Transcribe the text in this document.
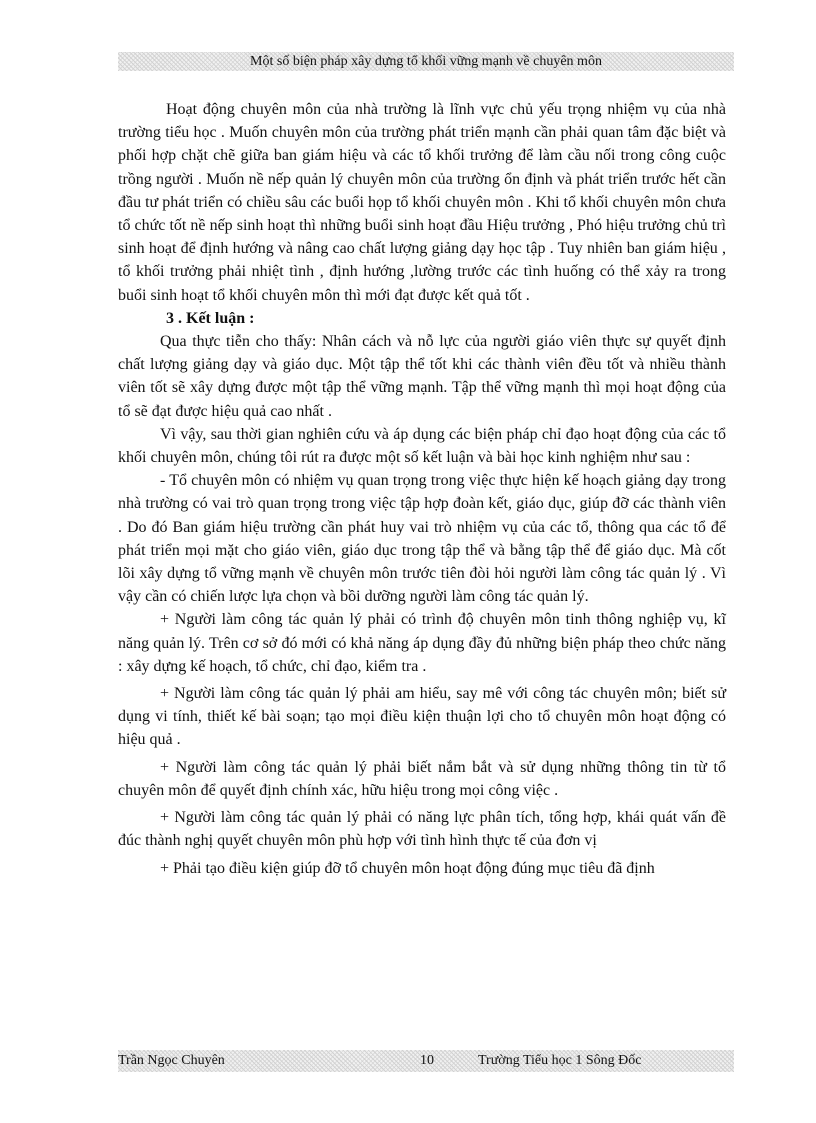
Một số biện pháp xây dựng tổ khối vững mạnh về chuyên môn

Hoạt động chuyên môn của nhà trường là lĩnh vực chủ yếu trọng nhiệm vụ của nhà trường tiểu học . Muốn chuyên môn của trường phát triển mạnh cần phải quan tâm đặc biệt và phối hợp chặt chẽ giữa ban giám hiệu và các tổ khối trưởng để làm cầu nối trong công cuộc trồng người . Muốn nề nếp quản lý chuyên môn của trường ổn định và phát triển trước hết cần đầu tư phát triển có chiều sâu các buổi họp tổ khối chuyên môn . Khi tổ khối chuyên môn chưa tổ chức tốt nề nếp sinh hoạt thì những buổi sinh hoạt đầu Hiệu trưởng , Phó hiệu trưởng chủ trì sinh hoạt để định hướng và nâng cao chất lượng giảng dạy học tập . Tuy nhiên ban giám hiệu , tổ khối trưởng phải nhiệt tình , định hướng ,lường trước các tình huống có thể xảy ra trong buổi sinh hoạt tổ khối chuyên môn thì mới đạt được kết quả tốt .

3 . Kết luận :

Qua thực tiễn cho thấy: Nhân cách và nỗ lực của người giáo viên thực sự quyết định chất lượng giảng dạy và giáo dục. Một tập thể tốt khi các thành viên đều tốt và nhiều thành viên tốt sẽ xây dựng được một tập thể vững mạnh. Tập thể vững mạnh thì mọi hoạt động của tổ sẽ đạt được hiệu quả cao nhất .

Vì vậy, sau thời gian nghiên cứu và áp dụng các biện pháp chỉ đạo hoạt động của các tổ khối chuyên môn, chúng tôi rút ra được một số kết luận và bài học kinh nghiệm như sau :

- Tổ chuyên môn có nhiệm vụ quan trọng trong việc thực hiện kế hoạch giảng dạy trong nhà trường có vai trò quan trọng trong việc tập hợp đoàn kết, giáo dục, giúp đỡ các thành viên . Do đó Ban giám hiệu trường cần phát huy vai trò nhiệm vụ của các tổ, thông qua các tổ để phát triển mọi mặt cho giáo viên, giáo dục trong tập thể và bằng tập thể để giáo dục. Mà cốt lõi xây dựng tổ vững mạnh về chuyên môn trước tiên đòi hỏi người làm công tác quản lý . Vì vậy cần có chiến lược lựa chọn và bồi dưỡng người làm công tác quản lý.

+ Người làm công tác quản lý phải có trình độ chuyên môn tinh thông nghiệp vụ, kĩ năng quản lý. Trên cơ sở đó mới có khả năng áp dụng đầy đủ những biện pháp theo chức năng : xây dựng kế hoạch, tổ chức, chỉ đạo, kiểm tra .

+ Người làm công tác quản lý phải am hiểu, say mê với công tác chuyên môn; biết sử dụng vi tính, thiết kế bài soạn; tạo mọi điều kiện thuận lợi cho tổ chuyên môn hoạt động có hiệu quả .

+ Người làm công tác quản lý phải biết nắm bắt và sử dụng những thông tin từ tổ chuyên môn để quyết định chính xác, hữu hiệu trong mọi công việc .

+ Người làm công tác quản lý phải có năng lực phân tích, tổng hợp, khái quát vấn đề đúc thành nghị quyết chuyên môn phù hợp với tình hình thực tế của đơn vị

+ Phải tạo điều kiện giúp đỡ tổ chuyên môn hoạt động đúng mục tiêu đã định

Trần Ngọc Chuyên	10	Trường Tiểu học 1 Sông Đốc
